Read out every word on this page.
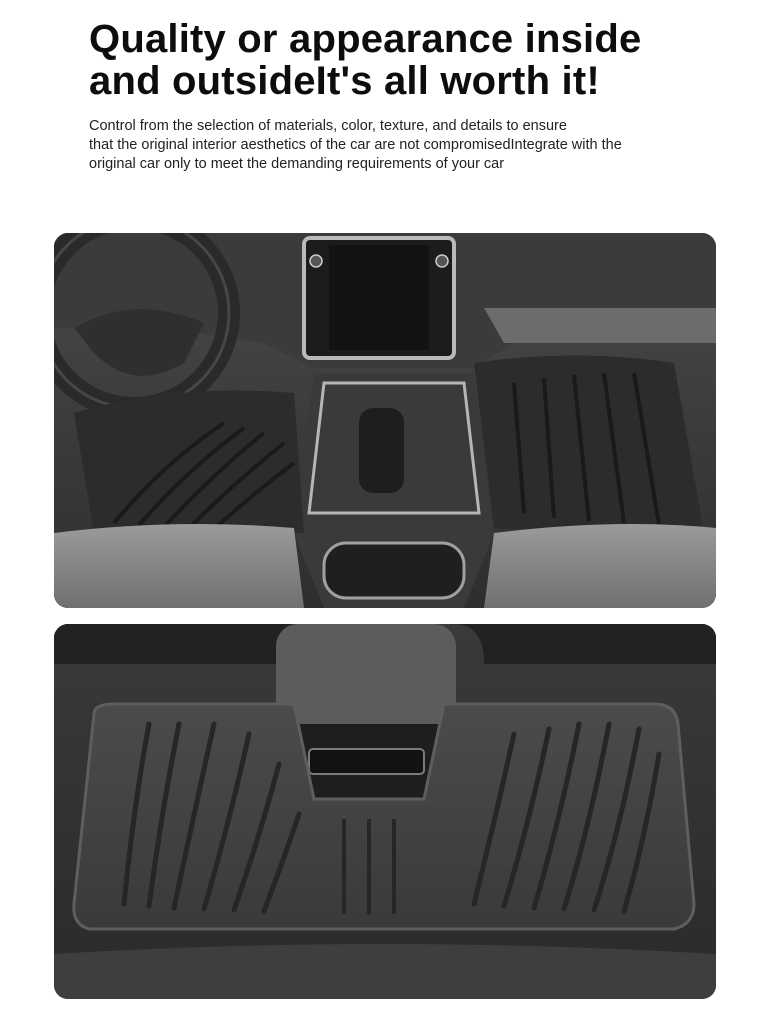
Quality or appearance inside
and outsideIt's all worth it!

Control from the selection of materials, color, texture, and details to ensure
that the original interior aesthetics of the car are not compromisedIntegrate with the
original car only to meet the demanding requirements of your car
